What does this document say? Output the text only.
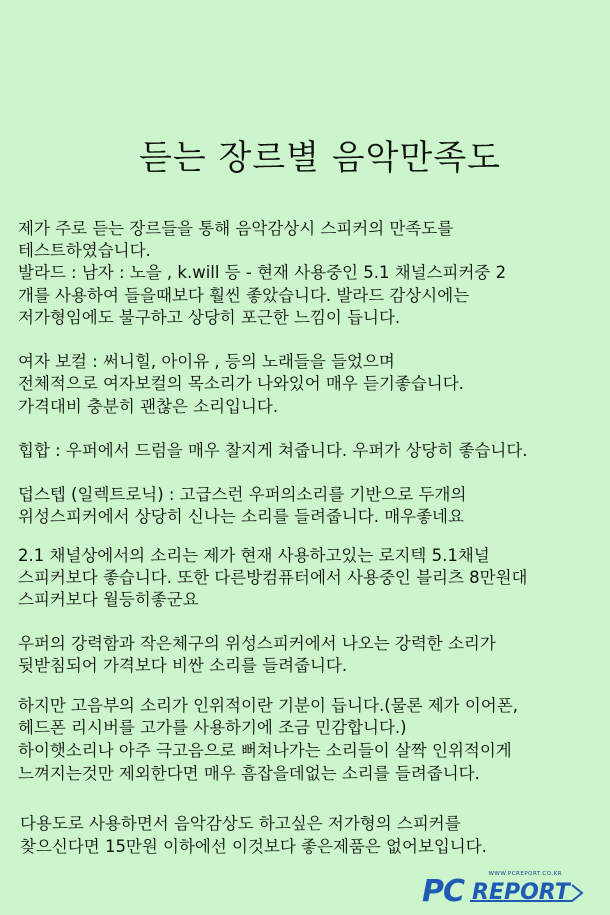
듣는 장르별 음악만족도
제가 주로 듣는 장르들을 통해 음악감상시 스피커의 만족도를
테스트하였습니다.
발라드 : 남자 : 노을 , k.will 등 - 현재 사용중인 5.1 채널스피커중 2
개를 사용하여 들을때보다 훨씬 좋았습니다. 발라드 감상시에는
저가형임에도 불구하고 상당히 포근한 느낌이 듭니다.
여자 보컬 : 써니힐, 아이유 , 등의 노래들을 들었으며
전체적으로 여자보컬의 목소리가 나와있어 매우 듣기좋습니다.
가격대비 충분히 괜찮은 소리입니다.
힙합 : 우퍼에서 드럼을 매우 찰지게 쳐줍니다. 우퍼가 상당히 좋습니다.
덥스텝 (일렉트로닉) : 고급스런 우퍼의소리를 기반으로 두개의
위성스피커에서 상당히 신나는 소리를 들려줍니다. 매우좋네요
2.1 채널상에서의 소리는 제가 현재 사용하고있는 로지텍 5.1채널
스피커보다 좋습니다. 또한 다른방컴퓨터에서 사용중인 블리츠 8만원대
스피커보다 월등히좋군요
우퍼의 강력함과 작은체구의 위성스피커에서 나오는 강력한 소리가
뒷받침되어 가격보다 비싼 소리를 들려줍니다.
하지만 고음부의 소리가 인위적이란 기분이 듭니다.(물론 제가 이어폰,
헤드폰 리시버를 고가를 사용하기에 조금 민감합니다.)
하이햇소리나 아주 극고음으로 뻐쳐나가는 소리들이 살짝 인위적이게
느껴지는것만 제외한다면 매우 흠잡을데없는 소리를 들려줍니다.
다용도로 사용하면서 음악감상도 하고싶은 저가형의 스피커를
찾으신다면 15만원 이하에선 이것보다 좋은제품은 없어보입니다.
WWW.PCREPORT.CO.KR
PC REPORT
